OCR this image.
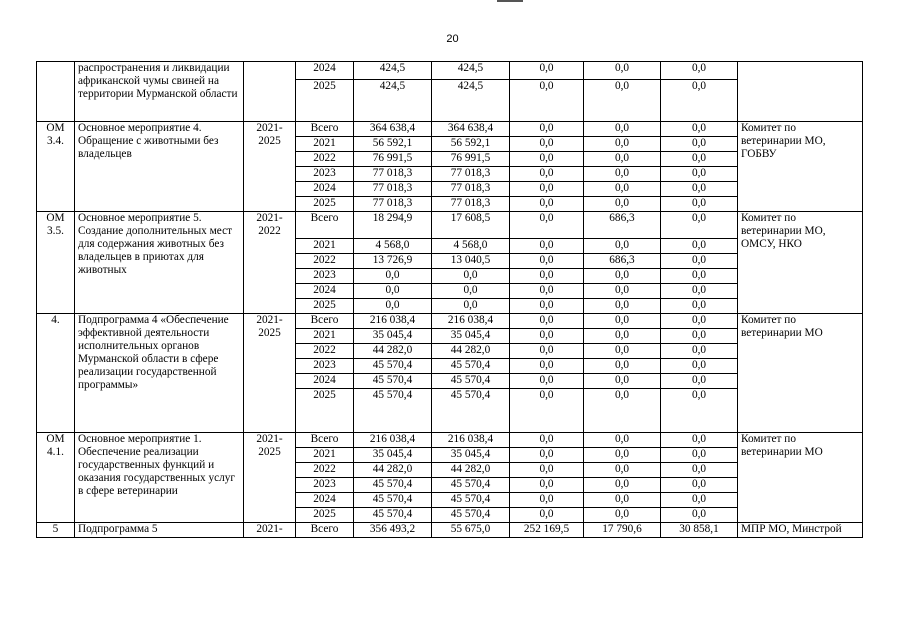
20
	распространения и ликвидации африканской чумы свиней на территории Мурманской области		2024	424,5	424,5	0,0	0,0	0,0	
			2025	424,5	424,5	0,0	0,0	0,0	
ОМ 3.4.	Основное мероприятие 4. Обращение с животными без владельцев	2021-2025	Всего	364 638,4	364 638,4	0,0	0,0	0,0	Комитет по ветеринарии МО, ГОБВУ
			2021	56 592,1	56 592,1	0,0	0,0	0,0	
			2022	76 991,5	76 991,5	0,0	0,0	0,0	
			2023	77 018,3	77 018,3	0,0	0,0	0,0	
			2024	77 018,3	77 018,3	0,0	0,0	0,0	
			2025	77 018,3	77 018,3	0,0	0,0	0,0	
ОМ 3.5.	Основное мероприятие 5. Создание дополнительных мест для содержания животных без владельцев в приютах для животных	2021-2022	Всего	18 294,9	17 608,5	0,0	686,3	0,0	Комитет по ветеринарии МО, ОМСУ, НКО
			2021	4 568,0	4 568,0	0,0	0,0	0,0	
			2022	13 726,9	13 040,5	0,0	686,3	0,0	
			2023	0,0	0,0	0,0	0,0	0,0	
			2024	0,0	0,0	0,0	0,0	0,0	
			2025	0,0	0,0	0,0	0,0	0,0	
4.	Подпрограмма 4 «Обеспечение эффективной деятельности исполнительных органов Мурманской области в сфере реализации государственной программы»	2021-2025	Всего	216 038,4	216 038,4	0,0	0,0	0,0	Комитет по ветеринарии МО
			2021	35 045,4	35 045,4	0,0	0,0	0,0	
			2022	44 282,0	44 282,0	0,0	0,0	0,0	
			2023	45 570,4	45 570,4	0,0	0,0	0,0	
			2024	45 570,4	45 570,4	0,0	0,0	0,0	
			2025	45 570,4	45 570,4	0,0	0,0	0,0	
ОМ 4.1.	Основное мероприятие 1. Обеспечение реализации государственных функций и оказания государственных услуг в сфере ветеринарии	2021-2025	Всего	216 038,4	216 038,4	0,0	0,0	0,0	Комитет по ветеринарии МО
			2021	35 045,4	35 045,4	0,0	0,0	0,0	
			2022	44 282,0	44 282,0	0,0	0,0	0,0	
			2023	45 570,4	45 570,4	0,0	0,0	0,0	
			2024	45 570,4	45 570,4	0,0	0,0	0,0	
			2025	45 570,4	45 570,4	0,0	0,0	0,0	
5	Подпрограмма 5	2021-	Всего	356 493,2	55 675,0	252 169,5	17 790,6	30 858,1	МПР МО, Минстрой
